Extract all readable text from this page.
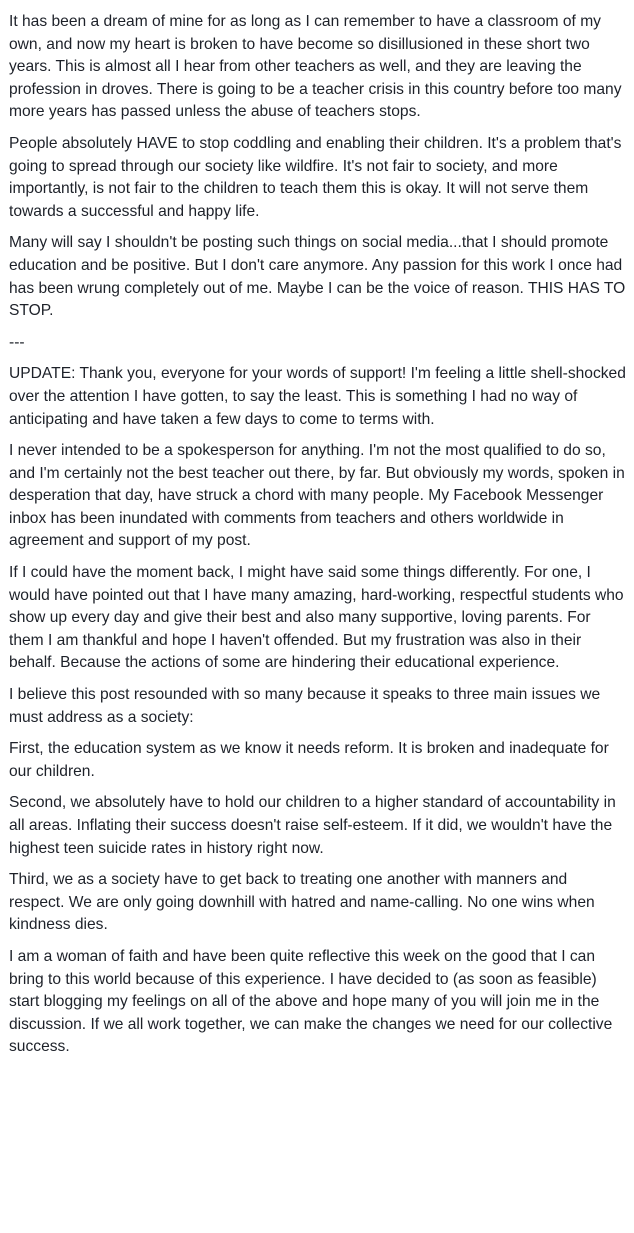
It has been a dream of mine for as long as I can remember to have a classroom of my own, and now my heart is broken to have become so disillusioned in these short two years. This is almost all I hear from other teachers as well, and they are leaving the profession in droves. There is going to be a teacher crisis in this country before too many more years has passed unless the abuse of teachers stops.

People absolutely HAVE to stop coddling and enabling their children. It's a problem that's going to spread through our society like wildfire. It's not fair to society, and more importantly, is not fair to the children to teach them this is okay. It will not serve them towards a successful and happy life.

Many will say I shouldn't be posting such things on social media...that I should promote education and be positive. But I don't care anymore. Any passion for this work I once had has been wrung completely out of me. Maybe I can be the voice of reason. THIS HAS TO STOP.

---

UPDATE: Thank you, everyone for your words of support! I'm feeling a little shell-shocked over the attention I have gotten, to say the least. This is something I had no way of anticipating and have taken a few days to come to terms with.

I never intended to be a spokesperson for anything. I'm not the most qualified to do so, and I'm certainly not the best teacher out there, by far. But obviously my words, spoken in desperation that day, have struck a chord with many people. My Facebook Messenger inbox has been inundated with comments from teachers and others worldwide in agreement and support of my post.

If I could have the moment back, I might have said some things differently. For one, I would have pointed out that I have many amazing, hard-working, respectful students who show up every day and give their best and also many supportive, loving parents. For them I am thankful and hope I haven't offended. But my frustration was also in their behalf. Because the actions of some are hindering their educational experience.

I believe this post resounded with so many because it speaks to three main issues we must address as a society:

First, the education system as we know it needs reform. It is broken and inadequate for our children.

Second, we absolutely have to hold our children to a higher standard of accountability in all areas. Inflating their success doesn't raise self-esteem. If it did, we wouldn't have the highest teen suicide rates in history right now.

Third, we as a society have to get back to treating one another with manners and respect. We are only going downhill with hatred and name-calling. No one wins when kindness dies.

I am a woman of faith and have been quite reflective this week on the good that I can bring to this world because of this experience. I have decided to (as soon as feasible) start blogging my feelings on all of the above and hope many of you will join me in the discussion. If we all work together, we can make the changes we need for our collective success.
